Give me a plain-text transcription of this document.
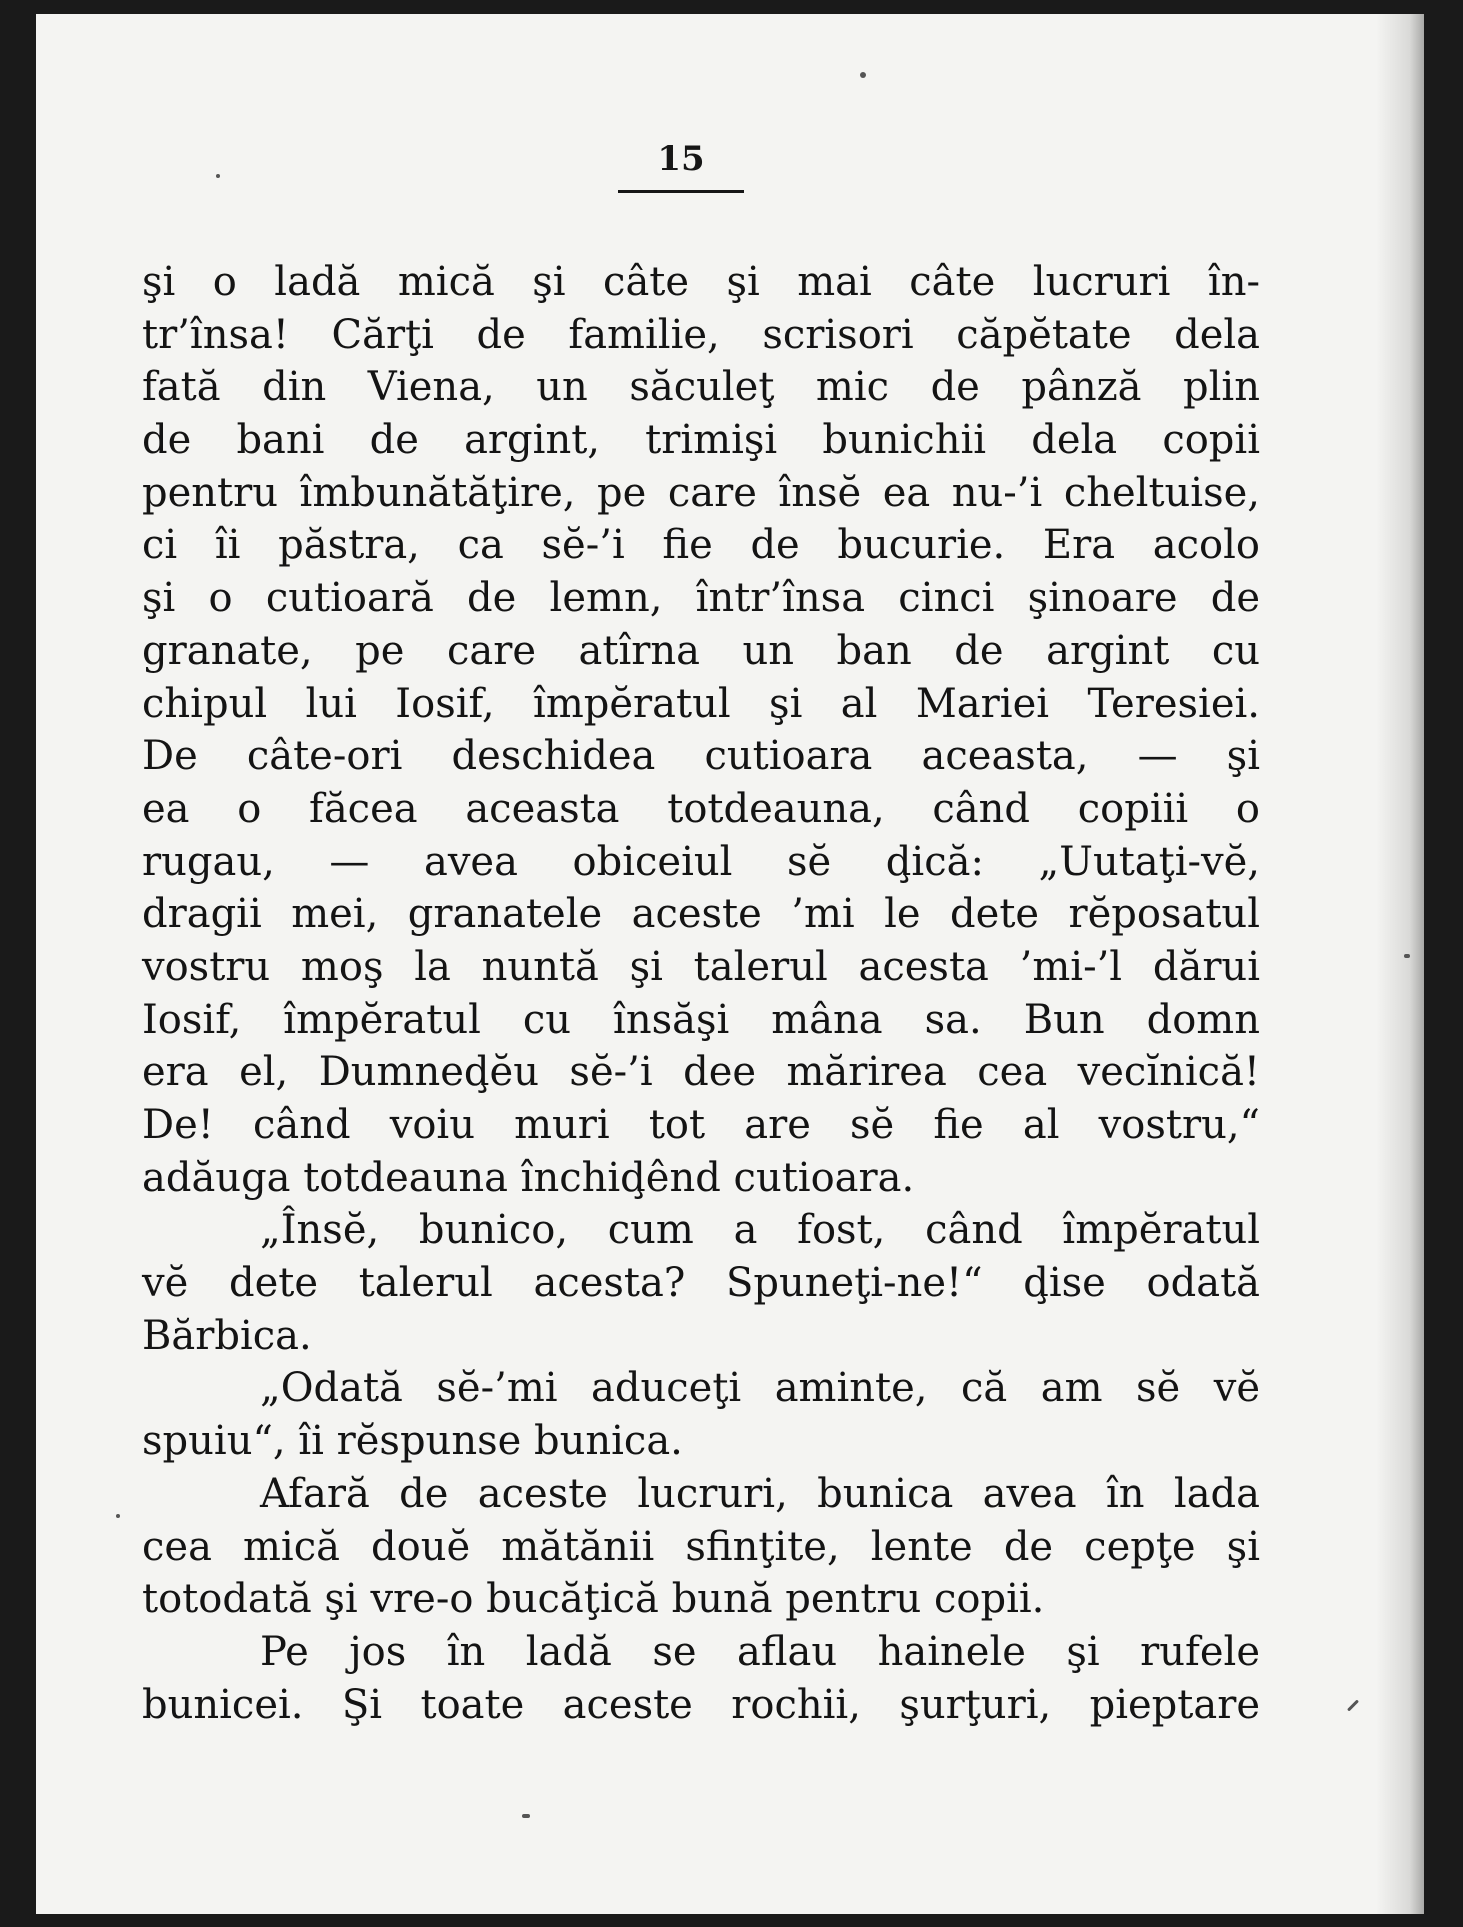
15
şi o ladă mică şi câte şi mai câte lucruri în-
tr’însa! Cărţi de familie, scrisori căpĕtate dela
fată din Viena, un săculeţ mic de pânză plin
de bani de argint, trimişi bunichii dela copii
pentru îmbunătăţire, pe care însĕ ea nu-’i cheltuise,
ci îi păstra, ca sĕ-’i fie de bucurie. Era acolo
şi o cutioară de lemn, într’însa cinci şinoare de
granate, pe care atîrna un ban de argint cu
chipul lui Iosif, împĕratul şi al Mariei Teresiei.
De câte-ori deschidea cutioara aceasta, — şi
ea o făcea aceasta totdeauna, când copiii o
rugau, — avea obiceiul sĕ ḑică: „Uutaţi-vĕ,
dragii mei, granatele aceste ’mi le dete rĕposatul
vostru moş la nuntă şi talerul acesta ’mi-’l dărui
Iosif, împĕratul cu însăşi mâna sa. Bun domn
era el, Dumneḑĕu sĕ-’i dee mărirea cea vecĭnică!
De! când voiu muri tot are sĕ fie al vostru,“
adăuga totdeauna închiḑênd cutioara.
„Însĕ, bunico, cum a fost, când împĕratul
vĕ dete talerul acesta? Spuneţi-ne!“ ḑise odată
Bărbica.
„Odată sĕ-’mi aduceţi aminte, că am sĕ vĕ
spuiu“, îi rĕspunse bunica.
Afară de aceste lucruri, bunica avea în lada
cea mică douĕ mătănii sfinţite, lente de cepţe şi
totodată şi vre-o bucăţică bună pentru copii.
Pe jos în ladă se aflau hainele şi rufele
bunicei. Şi toate aceste rochii, şurţuri, pieptare
